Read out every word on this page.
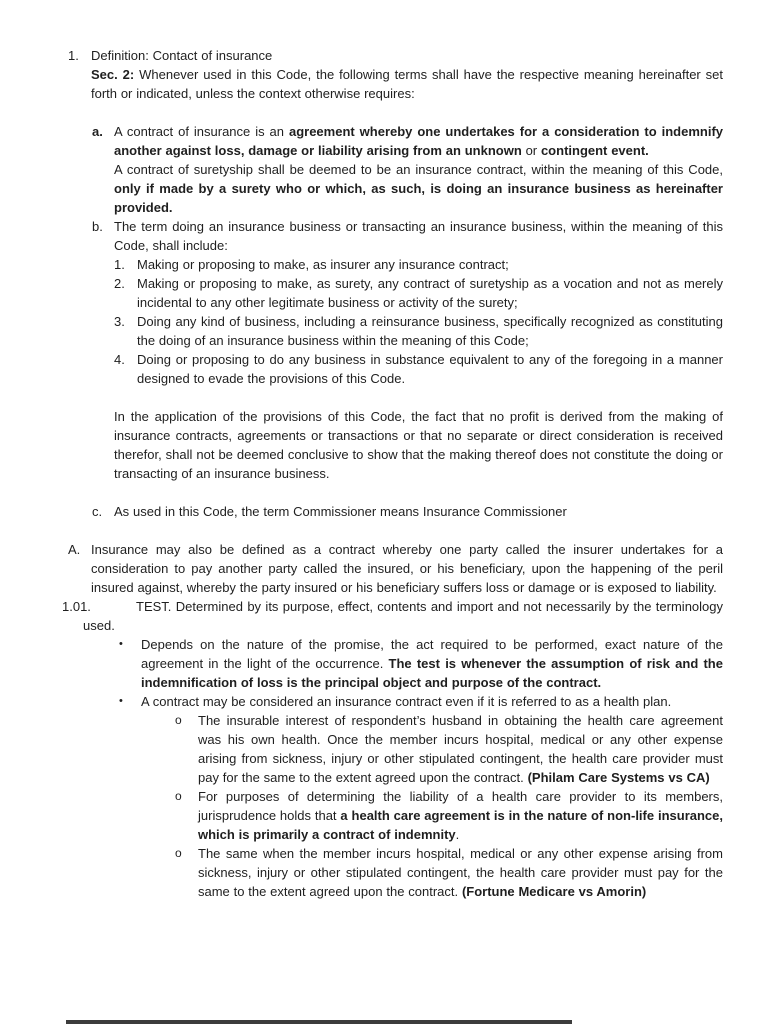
1. Definition: Contact of insurance
Sec. 2: Whenever used in this Code, the following terms shall have the respective meaning hereinafter set forth or indicated, unless the context otherwise requires:
a. A contract of insurance is an agreement whereby one undertakes for a consideration to indemnify another against loss, damage or liability arising from an unknown or contingent event.
A contract of suretyship shall be deemed to be an insurance contract, within the meaning of this Code, only if made by a surety who or which, as such, is doing an insurance business as hereinafter provided.
b. The term doing an insurance business or transacting an insurance business, within the meaning of this Code, shall include:
1. Making or proposing to make, as insurer any insurance contract;
2. Making or proposing to make, as surety, any contract of suretyship as a vocation and not as merely incidental to any other legitimate business or activity of the surety;
3. Doing any kind of business, including a reinsurance business, specifically recognized as constituting the doing of an insurance business within the meaning of this Code;
4. Doing or proposing to do any business in substance equivalent to any of the foregoing in a manner designed to evade the provisions of this Code.
In the application of the provisions of this Code, the fact that no profit is derived from the making of insurance contracts, agreements or transactions or that no separate or direct consideration is received therefor, shall not be deemed conclusive to show that the making thereof does not constitute the doing or transacting of an insurance business.
c. As used in this Code, the term Commissioner means Insurance Commissioner
A. Insurance may also be defined as a contract whereby one party called the insurer undertakes for a consideration to pay another party called the insured, or his beneficiary, upon the happening of the peril insured against, whereby the party insured or his beneficiary suffers loss or damage or is exposed to liability.
1.01.	TEST. Determined by its purpose, effect, contents and import and not necessarily by the terminology used.
• Depends on the nature of the promise, the act required to be performed, exact nature of the agreement in the light of the occurrence. The test is whenever the assumption of risk and the indemnification of loss is the principal object and purpose of the contract.
• A contract may be considered an insurance contract even if it is referred to as a health plan.
o The insurable interest of respondent’s husband in obtaining the health care agreement was his own health. Once the member incurs hospital, medical or any other expense arising from sickness, injury or other stipulated contingent, the health care provider must pay for the same to the extent agreed upon the contract. (Philam Care Systems vs CA)
o For purposes of determining the liability of a health care provider to its members, jurisprudence holds that a health care agreement is in the nature of non-life insurance, which is primarily a contract of indemnity.
o The same when the member incurs hospital, medical or any other expense arising from sickness, injury or other stipulated contingent, the health care provider must pay for the same to the extent agreed upon the contract. (Fortune Medicare vs Amorin)
